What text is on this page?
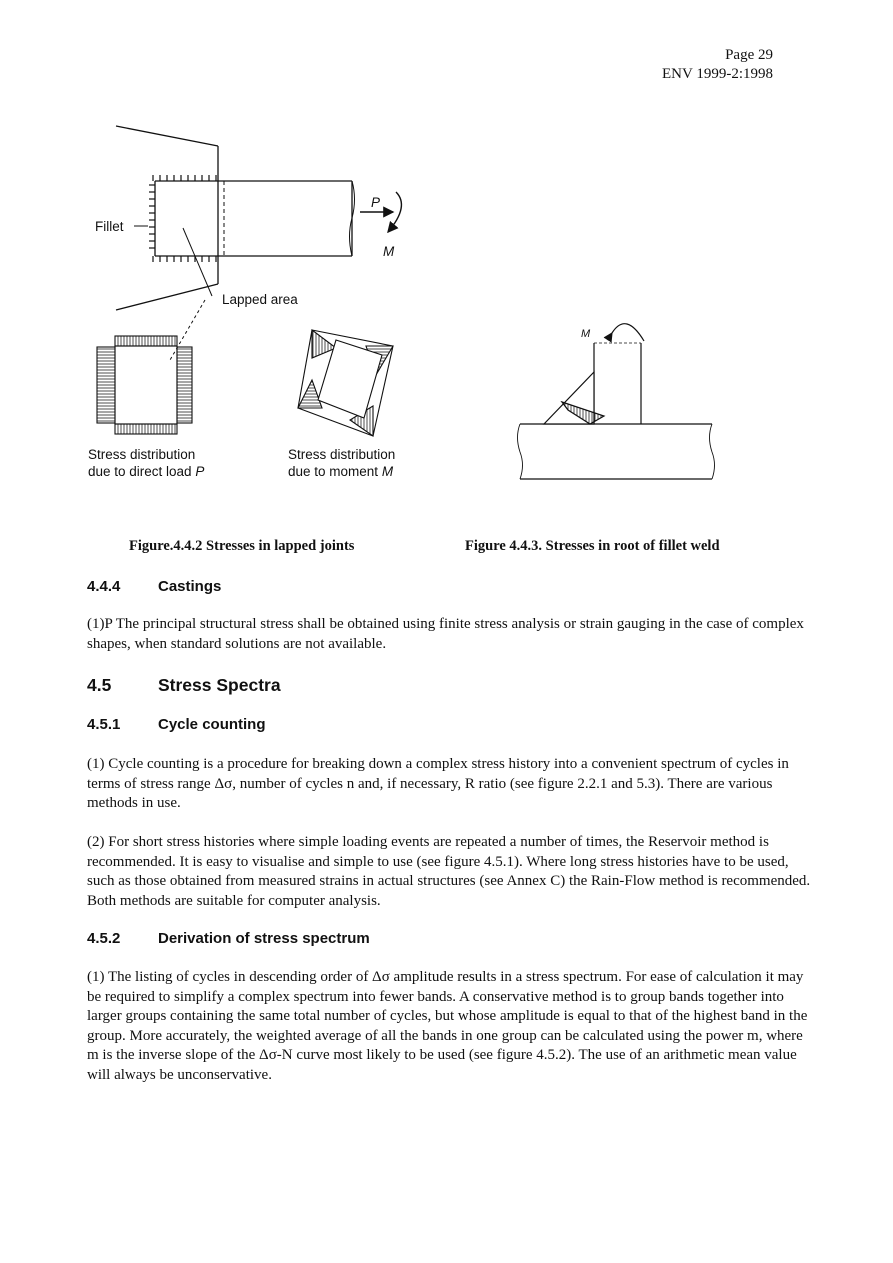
Page 29
ENV 1999-2:1998
Fillet
Lapped area
P
M
M
Stress distribution
due to direct load P
Stress distribution
due to moment M
Figure.4.4.2 Stresses in lapped joints	Figure 4.4.3. Stresses in root of fillet weld
4.4.4	Castings

(1)P The principal structural stress shall be obtained using finite stress analysis or strain gauging in the case of complex shapes, when standard solutions are not available.

4.5	Stress Spectra
4.5.1	Cycle counting

(1) Cycle counting is a procedure for breaking down a complex stress history into a convenient spectrum of cycles in terms of stress range Δσ, number of cycles n and, if necessary, R ratio (see figure 2.2.1 and 5.3). There are various methods in use.

(2) For short stress histories where simple loading events are repeated a number of times, the Reservoir method is recommended. It is easy to visualise and simple to use (see figure 4.5.1). Where long stress histories have to be used, such as those obtained from measured strains in actual structures (see Annex C) the Rain-Flow method is recommended. Both methods are suitable for computer analysis.

4.5.2	Derivation of stress spectrum

(1) The listing of cycles in descending order of Δσ amplitude results in a stress spectrum. For ease of calculation it may be required to simplify a complex spectrum into fewer bands. A conservative method is to group bands together into larger groups containing the same total number of cycles, but whose amplitude is equal to that of the highest band in the group. More accurately, the weighted average of all the bands in one group can be calculated using the power m, where m is the inverse slope of the Δσ-N curve most likely to be used (see figure 4.5.2). The use of an arithmetic mean value will always be unconservative.
